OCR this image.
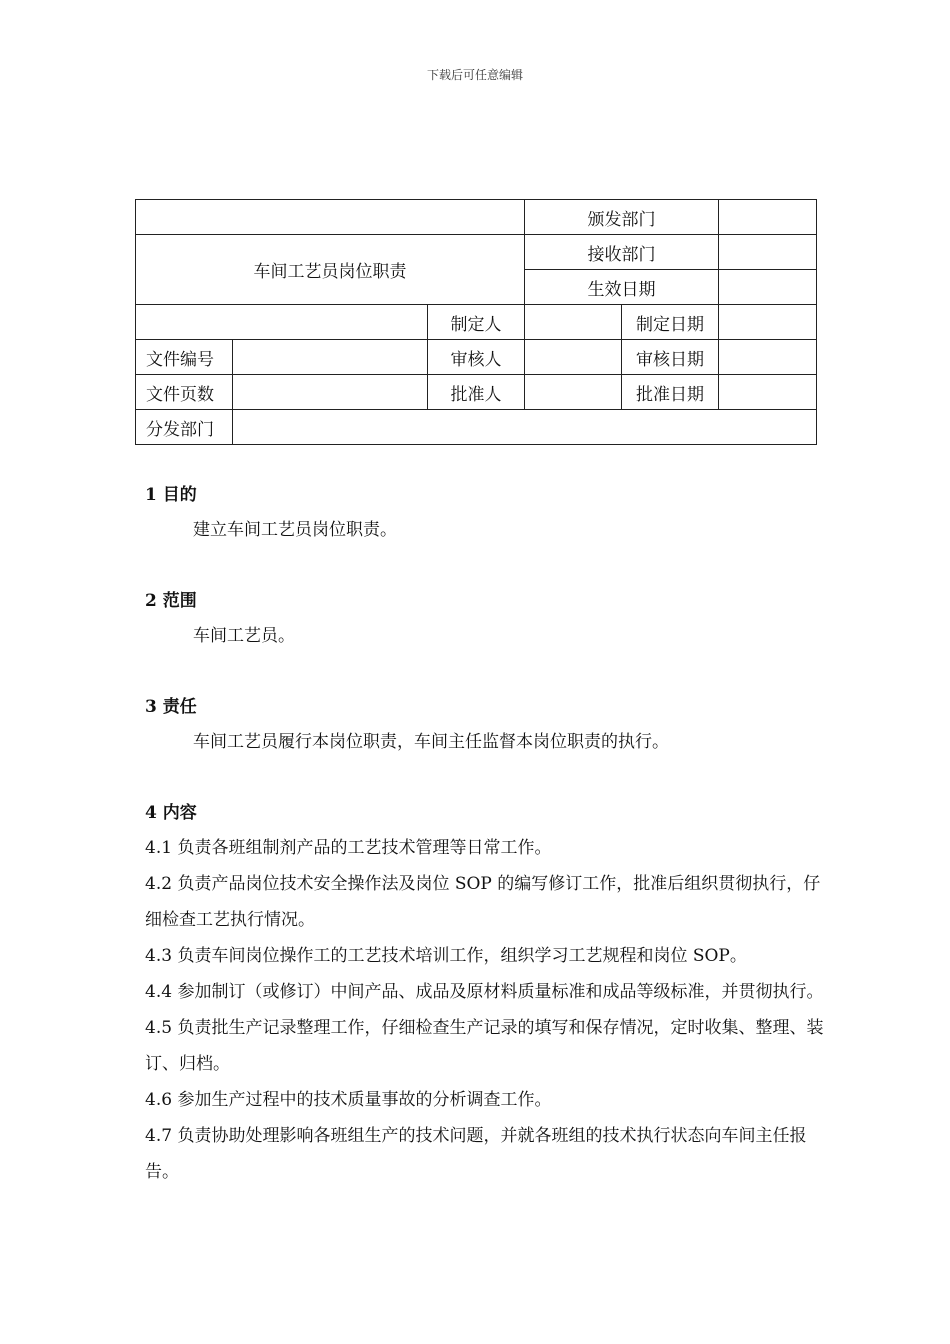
下载后可任意编辑
			颁发部门		
车间工艺员岗位职责			接收部门		
			生效日期		
		制定人		制定日期	
文件编号		审核人		审核日期	
文件页数		批准人		批准日期	
分发部门					

1 目的

建立车间工艺员岗位职责。

2 范围

车间工艺员。

3 责任

车间工艺员履行本岗位职责，车间主任监督本岗位职责的执行。

4 内容

4.1 负责各班组制剂产品的工艺技术管理等日常工作。

4.2 负责产品岗位技术安全操作法及岗位 SOP 的编写修订工作，批准后组织贯彻执行，仔细检查工艺执行情况。

4.3 负责车间岗位操作工的工艺技术培训工作，组织学习工艺规程和岗位 SOP。

4.4 参加制订（或修订）中间产品、成品及原材料质量标准和成品等级标准，并贯彻执行。

4.5 负责批生产记录整理工作，仔细检查生产记录的填写和保存情况，定时收集、整理、装订、归档。

4.6 参加生产过程中的技术质量事故的分析调查工作。

4.7 负责协助处理影响各班组生产的技术问题，并就各班组的技术执行状态向车间主任报告。
